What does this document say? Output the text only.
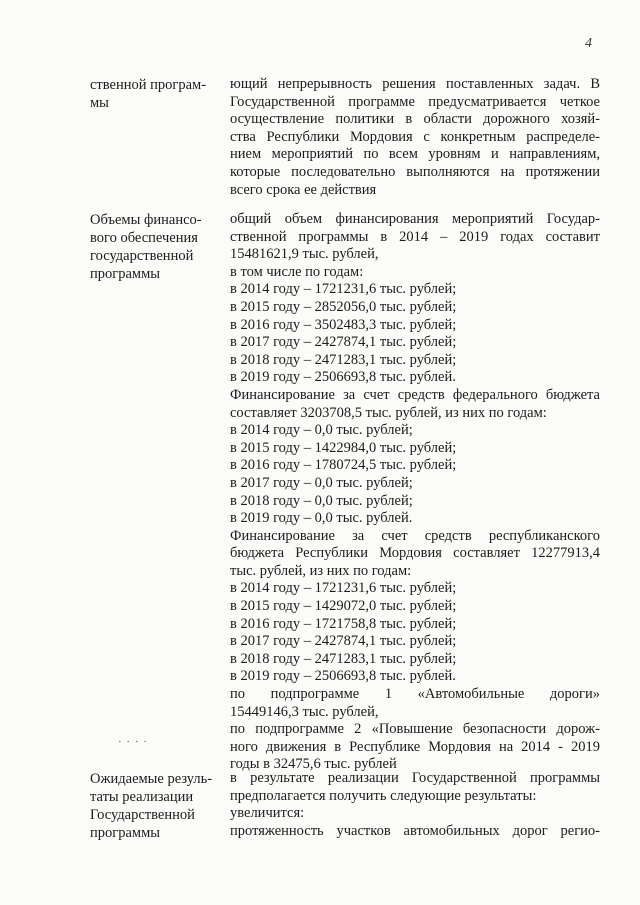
4
ственной програм-
мы
ющий непрерывность решения поставленных задач. В
Государственной программе предусматривается четкое
осуществление политики в области дорожного хозяй-
ства Республики Мордовия с конкретным распределе-
нием мероприятий по всем уровням и направлениям,
которые последовательно выполняются на протяжении
всего срока ее действия
Объемы финансо-
вого обеспечения
государственной
программы
общий объем финансирования мероприятий Государ-
ственной программы в 2014 – 2019 годах составит
15481621,9 тыс. рублей,
в том числе по годам:
в 2014 году – 1721231,6 тыс. рублей;
в 2015 году – 2852056,0 тыс. рублей;
в 2016 году – 3502483,3 тыс. рублей;
в 2017 году – 2427874,1 тыс. рублей;
в 2018 году – 2471283,1 тыс. рублей;
в 2019 году – 2506693,8 тыс. рублей.
Финансирование за счет средств федерального бюджета
составляет 3203708,5 тыс. рублей, из них по годам:
в 2014 году – 0,0 тыс. рублей;
в 2015 году – 1422984,0 тыс. рублей;
в 2016 году – 1780724,5 тыс. рублей;
в 2017 году – 0,0 тыс. рублей;
в 2018 году – 0,0 тыс. рублей;
в 2019 году – 0,0 тыс. рублей.
Финансирование за счет средств республиканского
бюджета Республики Мордовия составляет 12277913,4
тыс. рублей, из них по годам:
в 2014 году – 1721231,6 тыс. рублей;
в 2015 году – 1429072,0 тыс. рублей;
в 2016 году – 1721758,8 тыс. рублей;
в 2017 году – 2427874,1 тыс. рублей;
в 2018 году – 2471283,1 тыс. рублей;
в 2019 году – 2506693,8 тыс. рублей.
по подпрограмме 1 «Автомобильные дороги»
15449146,3 тыс. рублей,
по подпрограмме 2 «Повышение безопасности дорож-
ного движения в Республике Мордовия на 2014 - 2019
годы в 32475,6 тыс. рублей
· · · ·
Ожидаемые резуль-
таты реализации
Государственной
программы
в результате реализации Государственной программы
предполагается получить следующие результаты:
увеличится:
протяженность участков автомобильных дорог регио-
